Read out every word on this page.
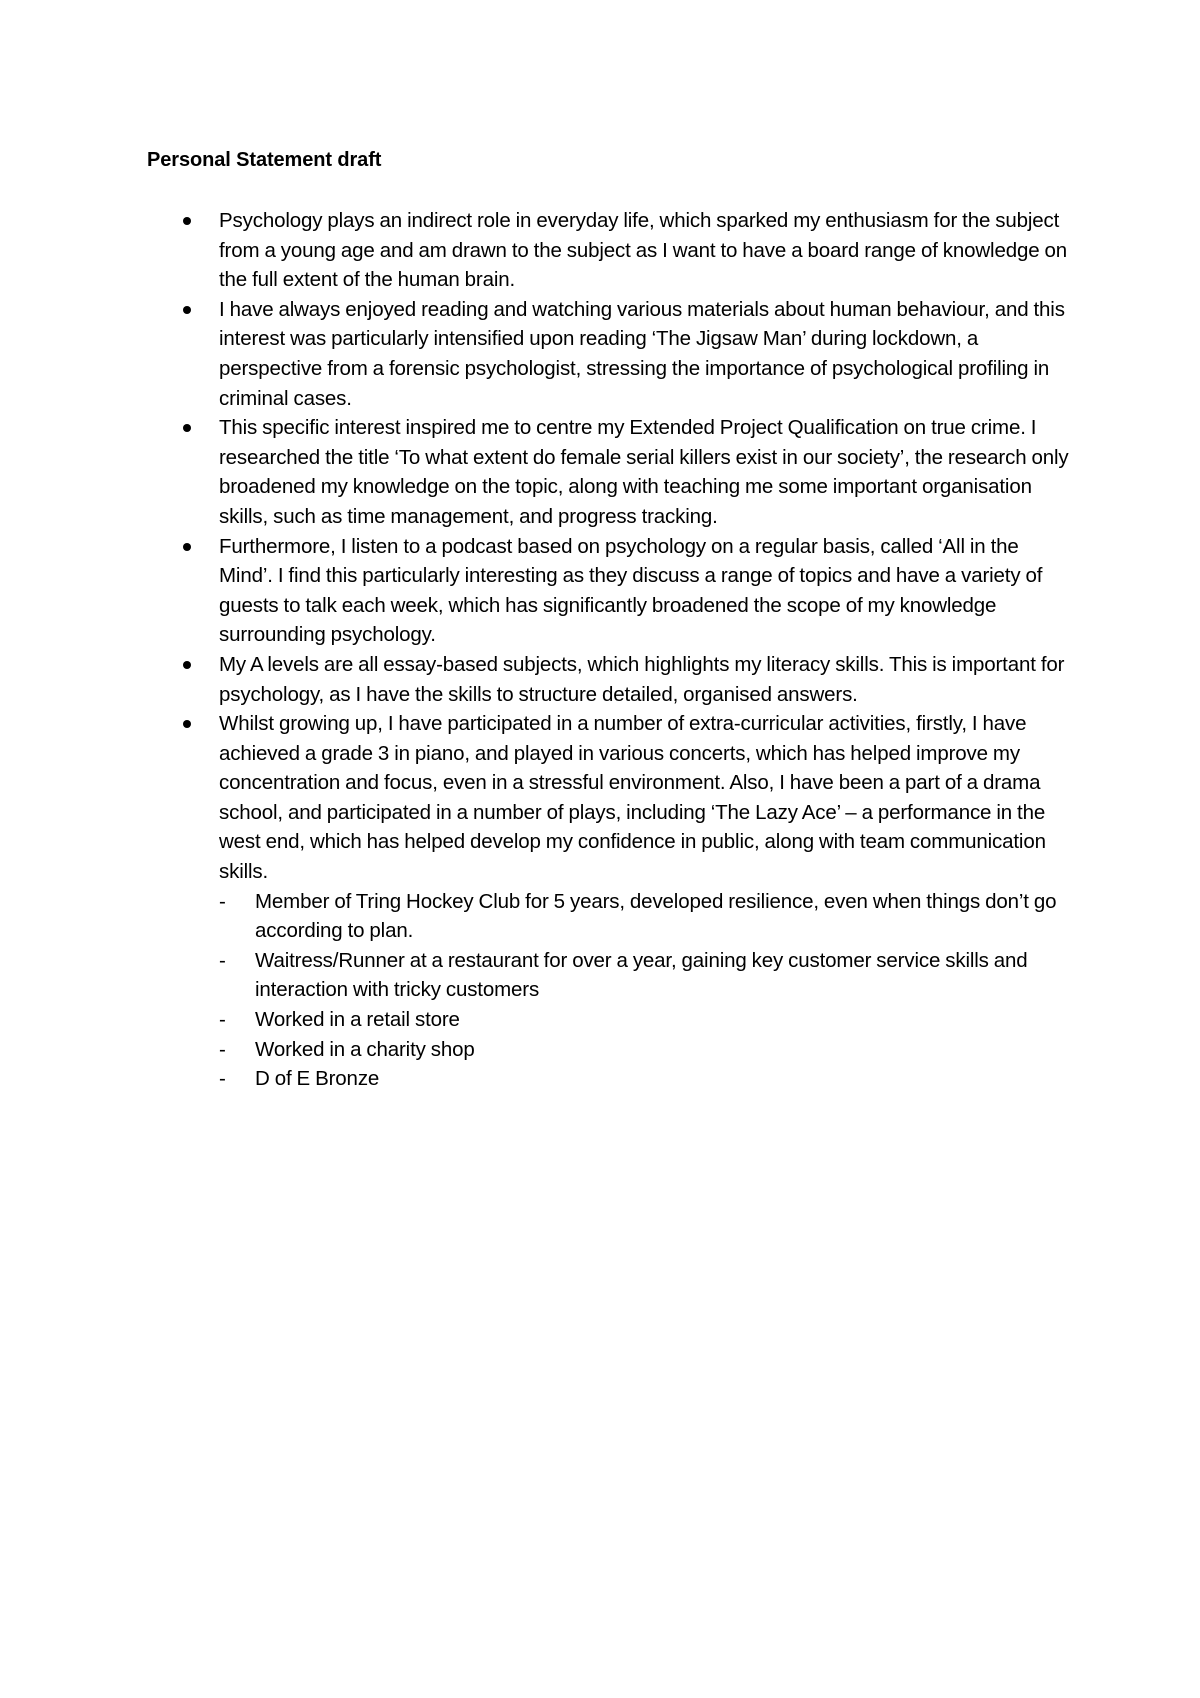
Personal Statement draft
Psychology plays an indirect role in everyday life, which sparked my enthusiasm for the subject from a young age and am drawn to the subject as I want to have a board range of knowledge on the full extent of the human brain.
I have always enjoyed reading and watching various materials about human behaviour, and this interest was particularly intensified upon reading ‘The Jigsaw Man’ during lockdown, a perspective from a forensic psychologist, stressing the importance of psychological profiling in criminal cases.
This specific interest inspired me to centre my Extended Project Qualification on true crime. I researched the title ‘To what extent do female serial killers exist in our society’, the research only broadened my knowledge on the topic, along with teaching me some important organisation skills, such as time management, and progress tracking.
Furthermore, I listen to a podcast based on psychology on a regular basis, called ‘All in the Mind’. I find this particularly interesting as they discuss a range of topics and have a variety of guests to talk each week, which has significantly broadened the scope of my knowledge surrounding psychology.
My A levels are all essay-based subjects, which highlights my literacy skills. This is important for psychology, as I have the skills to structure detailed, organised answers.
Whilst growing up, I have participated in a number of extra-curricular activities, firstly, I have achieved a grade 3 in piano, and played in various concerts, which has helped improve my concentration and focus, even in a stressful environment. Also, I have been a part of a drama school, and participated in a number of plays, including ‘The Lazy Ace’ – a performance in the west end, which has helped develop my confidence in public, along with team communication skills.
- Member of Tring Hockey Club for 5 years, developed resilience, even when things don’t go according to plan.
- Waitress/Runner at a restaurant for over a year, gaining key customer service skills and interaction with tricky customers
- Worked in a retail store
- Worked in a charity shop
- D of E Bronze
